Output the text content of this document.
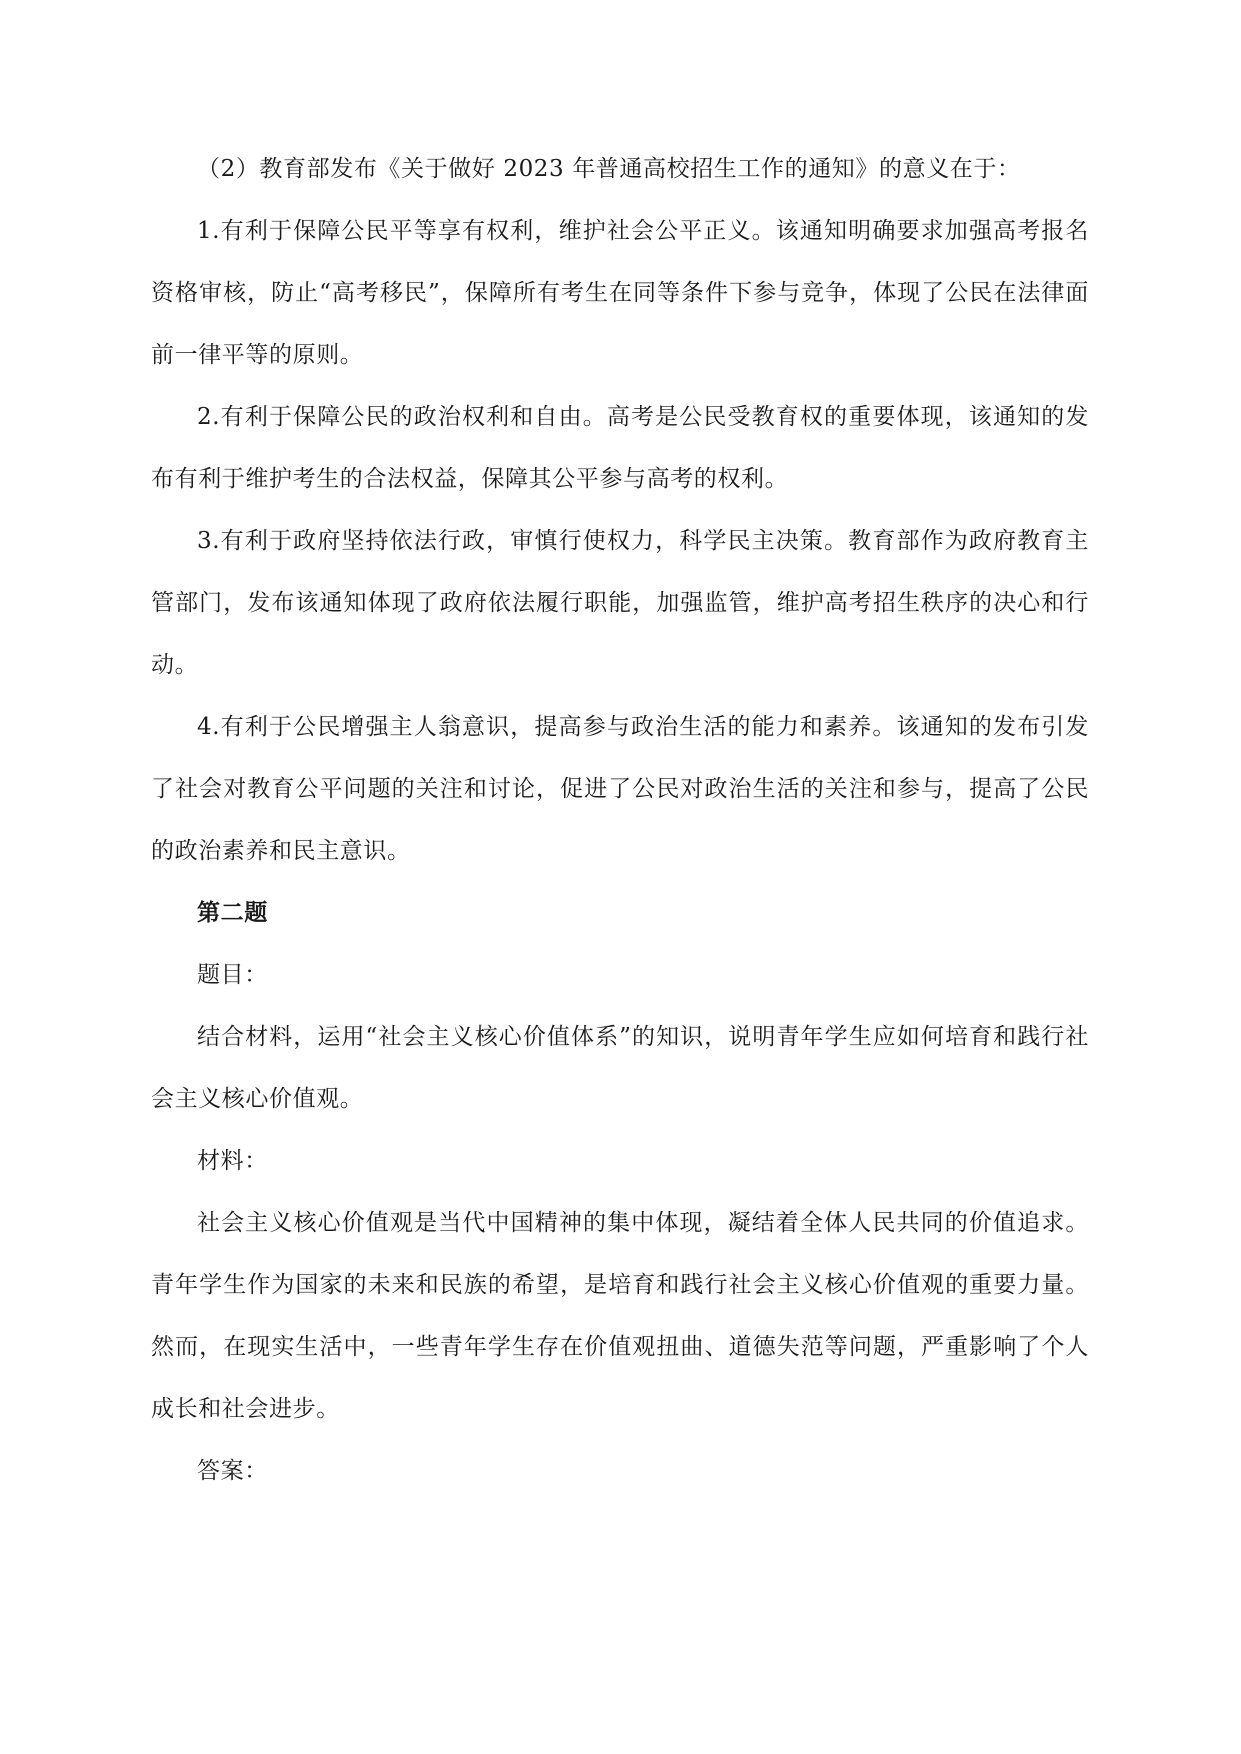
（2）教育部发布《关于做好 2023 年普通高校招生工作的通知》的意义在于：

1.有利于保障公民平等享有权利，维护社会公平正义。该通知明确要求加强高考报名资格审核，防止“高考移民”，保障所有考生在同等条件下参与竞争，体现了公民在法律面前一律平等的原则。

2.有利于保障公民的政治权利和自由。高考是公民受教育权的重要体现，该通知的发布有利于维护考生的合法权益，保障其公平参与高考的权利。

3.有利于政府坚持依法行政，审慎行使权力，科学民主决策。教育部作为政府教育主管部门，发布该通知体现了政府依法履行职能，加强监管，维护高考招生秩序的决心和行动。

4.有利于公民增强主人翁意识，提高参与政治生活的能力和素养。该通知的发布引发了社会对教育公平问题的关注和讨论，促进了公民对政治生活的关注和参与，提高了公民的政治素养和民主意识。

第二题

题目：

结合材料，运用“社会主义核心价值体系”的知识，说明青年学生应如何培育和践行社会主义核心价值观。

材料：

社会主义核心价值观是当代中国精神的集中体现，凝结着全体人民共同的价值追求。青年学生作为国家的未来和民族的希望，是培育和践行社会主义核心价值观的重要力量。然而，在现实生活中，一些青年学生存在价值观扭曲、道德失范等问题，严重影响了个人成长和社会进步。

答案：
